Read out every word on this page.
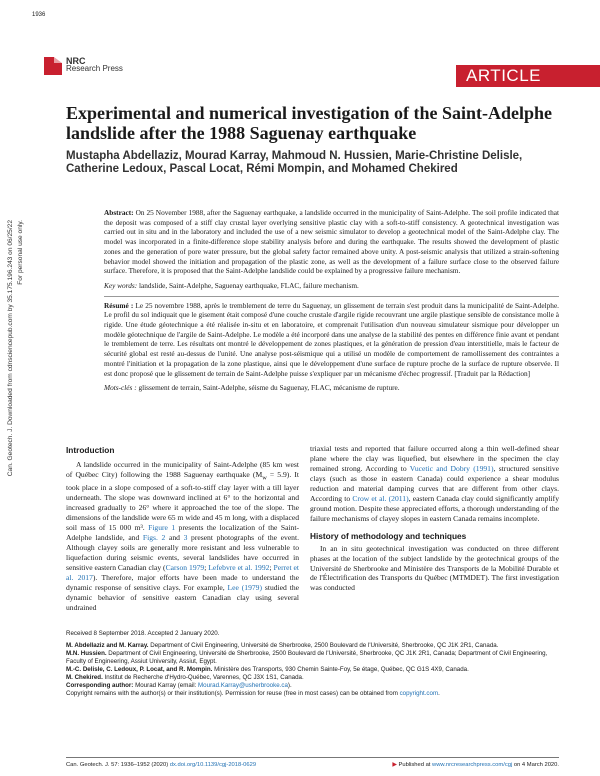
1936
NRC
Research Press	ARTICLE
Experimental and numerical investigation of the Saint-Adelphe landslide after the 1988 Saguenay earthquake
Mustapha Abdellaziz, Mourad Karray, Mahmoud N. Hussien, Marie-Christine Delisle, Catherine Ledoux, Pascal Locat, Rémi Mompin, and Mohamed Chekired
Can. Geotech. J. Downloaded from cdnsciencepub.com by 35.175.196.243 on 06/25/22 For personal use only.

Abstract: On 25 November 1988, after the Saguenay earthquake, a landslide occurred in the municipality of Saint-Adelphe. The soil profile indicated that the deposit was composed of a stiff clay crustal layer overlying sensitive plastic clay with a soft-to-stiff consistency. A geotechnical investigation was carried out in situ and in the laboratory and included the use of a new seismic simulator to develop a geotechnical model of the Saint-Adelphe clay. The model was incorporated in a finite-difference slope stability analysis before and during the earthquake. The results showed the development of plastic zones and the generation of pore water pressure, but the global safety factor remained above unity. A post-seismic analysis that utilized a strain-softening behavior model showed the initiation and propagation of the plastic zone, as well as the development of a failure surface close to the observed failure surface. Therefore, it is proposed that the Saint-Adelphe landslide could be explained by a progressive failure mechanism.

Key words: landslide, Saint-Adelphe, Saguenay earthquake, FLAC, failure mechanism.

Résumé : Le 25 novembre 1988, après le tremblement de terre du Saguenay, un glissement de terrain s'est produit dans la municipalité de Saint-Adelphe. Le profil du sol indiquait que le gisement était composé d'une couche crustale d'argile rigide recouvrant une argile plastique sensible de consistance molle à rigide. Une étude géotechnique a été réalisée in-situ et en laboratoire, et comprenait l'utilisation d'un nouveau simulateur sismique pour développer un modèle géotechnique de l'argile de Saint-Adelphe. Le modèle a été incorporé dans une analyse de la stabilité des pentes en différence finie avant et pendant le tremblement de terre. Les résultats ont montré le développement de zones plastiques, et la génération de pression d'eau interstitielle, mais le facteur de sécurité global est resté au-dessus de l'unité. Une analyse post-séismique qui a utilisé un modèle de comportement de ramollissement des contraintes a montré l'initiation et la propagation de la zone plastique, ainsi que le développement d'une surface de rupture proche de la surface de rupture observée. Il est donc proposé que le glissement de terrain de Saint-Adelphe puisse s'expliquer par un mécanisme d'échec progressif. [Traduit par la Rédaction]

Mots-clés : glissement de terrain, Saint-Adelphe, séisme du Saguenay, FLAC, mécanisme de rupture.

Introduction

A landslide occurred in the municipality of Saint-Adelphe (85 km west of Québec City) following the 1988 Saguenay earthquake $(M_w = 5.9)$. It took place in a slope composed of a soft-to-stiff clay layer with a till layer underneath. The slope was downward inclined at 6° to the horizontal and increased gradually to 26° where it approached the toe of the slope. The dimensions of the landslide were 65 m wide and 45 m long, with a displaced soil mass of 15 000 m³. Figure 1 presents the localization of the Saint-Adelphe landslide, and Figs. 2 and 3 present photographs of the event. Although clayey soils are generally more resistant and less vulnerable to liquefaction during seismic events, several landslides have occurred in sensitive eastern Canadian clay (Carson 1979; Lefebvre et al. 1992; Perret et al. 2017). Therefore, major efforts have been made to understand the dynamic response of sensitive clays. For example, Lee (1979) studied the dynamic behavior of sensitive eastern Canadian clay using several undrained

triaxial tests and reported that failure occurred along a thin well-defined shear plane where the clay was liquefied, but elsewhere in the specimen the clay remained strong. According to Vucetic and Dobry (1991), structured sensitive clays (such as those in eastern Canada) could experience a shear modulus reduction and material damping curves that are different from other clays. According to Crow et al. (2011), eastern Canada clay could significantly amplify ground motion. Despite these appreciated efforts, a thorough understanding of the failure mechanisms of clayey slopes in eastern Canada remains incomplete.

History of methodology and techniques

In an in situ geotechnical investigation was conducted on three different phases at the location of the subject landslide by the geotechnical groups of the Université de Sherbrooke and Ministère des Transports de la Mobilité Durable et de l'Électrification des Transports du Québec (MTMDET). The first investigation was conducted

Received 8 September 2018. Accepted 2 January 2020.

M. Abdellaziz and M. Karray. Department of Civil Engineering, Université de Sherbrooke, 2500 Boulevard de l'Université, Sherbrooke, QC J1K 2R1, Canada.

M.N. Hussien. Department of Civil Engineering, Université de Sherbrooke, 2500 Boulevard de l'Université, Sherbrooke, QC J1K 2R1, Canada; Department of Civil Engineering, Faculty of Engineering, Assiut University, Assiut, Egypt.

M.-C. Delisle, C. Ledoux, P. Locat, and R. Mompin. Ministère des Transports, 930 Chemin Sainte-Foy, 5e étage, Québec, QC G1S 4X9, Canada.

M. Chekired. Institut de Recherche d'Hydro-Québec, Varennes, QC J3X 1S1, Canada.

Corresponding author: Mourad Karray (email: Mourad.Karray@usherbrooke.ca).

Copyright remains with the author(s) or their institution(s). Permission for reuse (free in most cases) can be obtained from copyright.com.

Can. Geotech. J. 57: 1936–1952 (2020) dx.doi.org/10.1139/cgj-2018-0629	▶ Published at www.nrcresearchpress.com/cgj on 4 March 2020.
